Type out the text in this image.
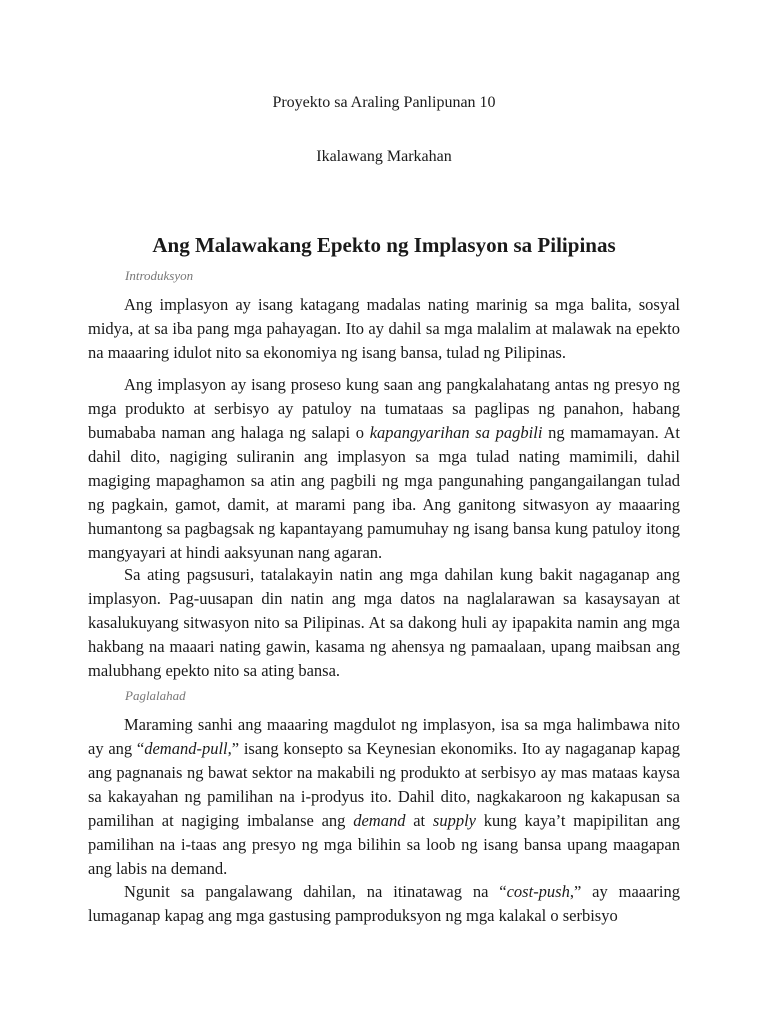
Proyekto sa Araling Panlipunan 10
Ikalawang Markahan
Ang Malawakang Epekto ng Implasyon sa Pilipinas
Introduksyon

Ang implasyon ay isang katagang madalas nating marinig sa mga balita, sosyal midya, at sa iba pang mga pahayagan. Ito ay dahil sa mga malalim at malawak na epekto na maaaring idulot nito sa ekonomiya ng isang bansa, tulad ng Pilipinas.

Ang implasyon ay isang proseso kung saan ang pangkalahatang antas ng presyo ng mga produkto at serbisyo ay patuloy na tumataas sa paglipas ng panahon, habang bumababa naman ang halaga ng salapi o kapangyarihan sa pagbili ng mamamayan. At dahil dito, nagiging suliranin ang implasyon sa mga tulad nating mamimili, dahil magiging mapaghamon sa atin ang pagbili ng mga pangunahing pangangailangan tulad ng pagkain, gamot, damit, at marami pang iba. Ang ganitong sitwasyon ay maaaring humantong sa pagbagsak ng kapantayang pamumuhay ng isang bansa kung patuloy itong mangyayari at hindi aaksyunan nang agaran.

Sa ating pagsusuri, tatalakayin natin ang mga dahilan kung bakit nagaganap ang implasyon. Pag-uusapan din natin ang mga datos na naglalarawan sa kasaysayan at kasalukuyang sitwasyon nito sa Pilipinas. At sa dakong huli ay ipapakita namin ang mga hakbang na maaari nating gawin, kasama ng ahensya ng pamaalaan, upang maibsan ang malubhang epekto nito sa ating bansa.

Paglalahad

Maraming sanhi ang maaaring magdulot ng implasyon, isa sa mga halimbawa nito ay ang “demand-pull,” isang konsepto sa Keynesian ekonomiks. Ito ay nagaganap kapag ang pagnanais ng bawat sektor na makabili ng produkto at serbisyo ay mas mataas kaysa sa kakayahan ng pamilihan na i-prodyus ito. Dahil dito, nagkakaroon ng kakapusan sa pamilihan at nagiging imbalanse ang demand at supply kung kaya’t mapipilitan ang pamilihan na i-taas ang presyo ng mga bilihin sa loob ng isang bansa upang maagapan ang labis na demand.

Ngunit sa pangalawang dahilan, na itinatawag na “cost-push,” ay maaaring lumaganap kapag ang mga gastusing pamproduksyon ng mga kalakal o serbisyo
